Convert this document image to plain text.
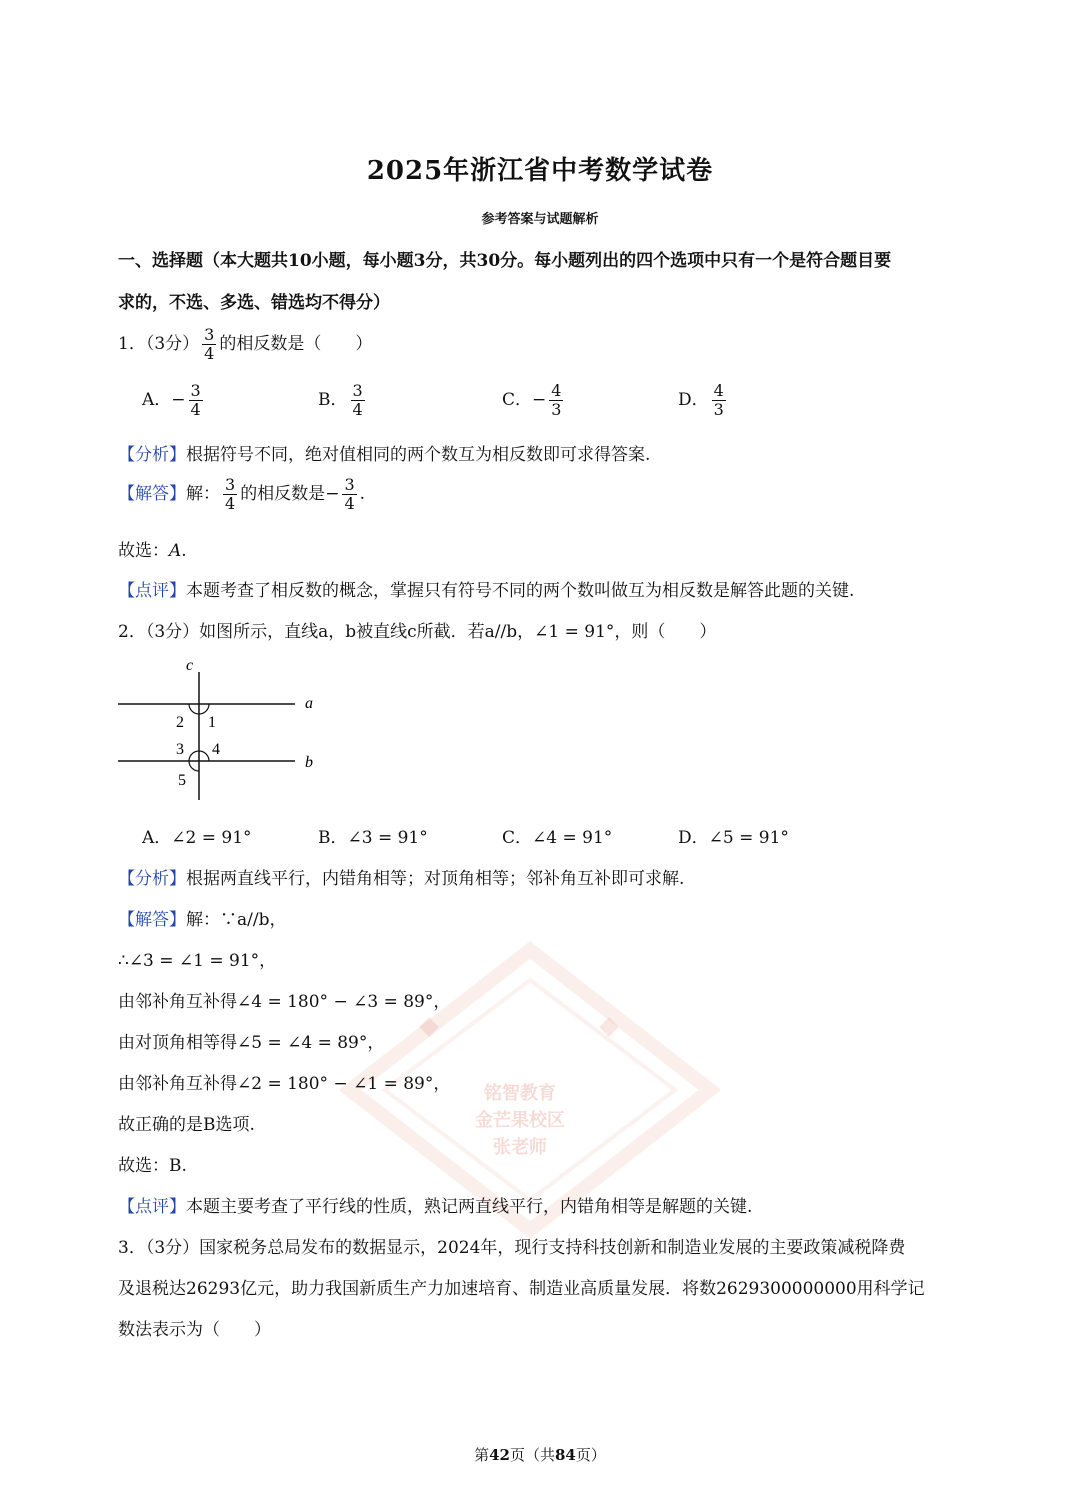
铭智教育
金芒果校区
张老师
2025年浙江省中考数学试卷
参考答案与试题解析
一、选择题（本大题共10小题，每小题3分，共30分。每小题列出的四个选项中只有一个是符合题目要
求的，不选、多选、错选均不得分）
1．（3分） $\frac{3}{4}$ 的相反数是（　　）
A．− $\frac{3}{4}$	B． $\frac{3}{4}$	C．− $\frac{4}{3}$	D． $\frac{4}{3}$
【分析】根据符号不同，绝对值相同的两个数互为相反数即可求得答案.
【解答】解： $\frac{3}{4}$ 的相反数是− $\frac{3}{4}$ .
故选：A.
【点评】本题考查了相反数的概念，掌握只有符号不同的两个数叫做互为相反数是解答此题的关键.
2．（3分）如图所示，直线a，b被直线c所截．若a//b，∠1 = 91°，则（　　）
c
a
b
2 1
3 4
5
A．∠2 = 91°	B．∠3 = 91°	C．∠4 = 91°	D．∠5 = 91°
【分析】根据两直线平行，内错角相等；对顶角相等；邻补角互补即可求解.
【解答】解：∵a//b，
∴∠3 = ∠1 = 91°，
由邻补角互补得∠4 = 180° − ∠3 = 89°，
由对顶角相等得∠5 = ∠4 = 89°，
由邻补角互补得∠2 = 180° − ∠1 = 89°，
故正确的是B选项.
故选：B.
【点评】本题主要考查了平行线的性质，熟记两直线平行，内错角相等是解题的关键.
3．（3分）国家税务总局发布的数据显示，2024年，现行支持科技创新和制造业发展的主要政策减税降费
及退税达26293亿元，助力我国新质生产力加速培育、制造业高质量发展．将数2629300000000用科学记
数法表示为（　　）
第42页（共84页）
